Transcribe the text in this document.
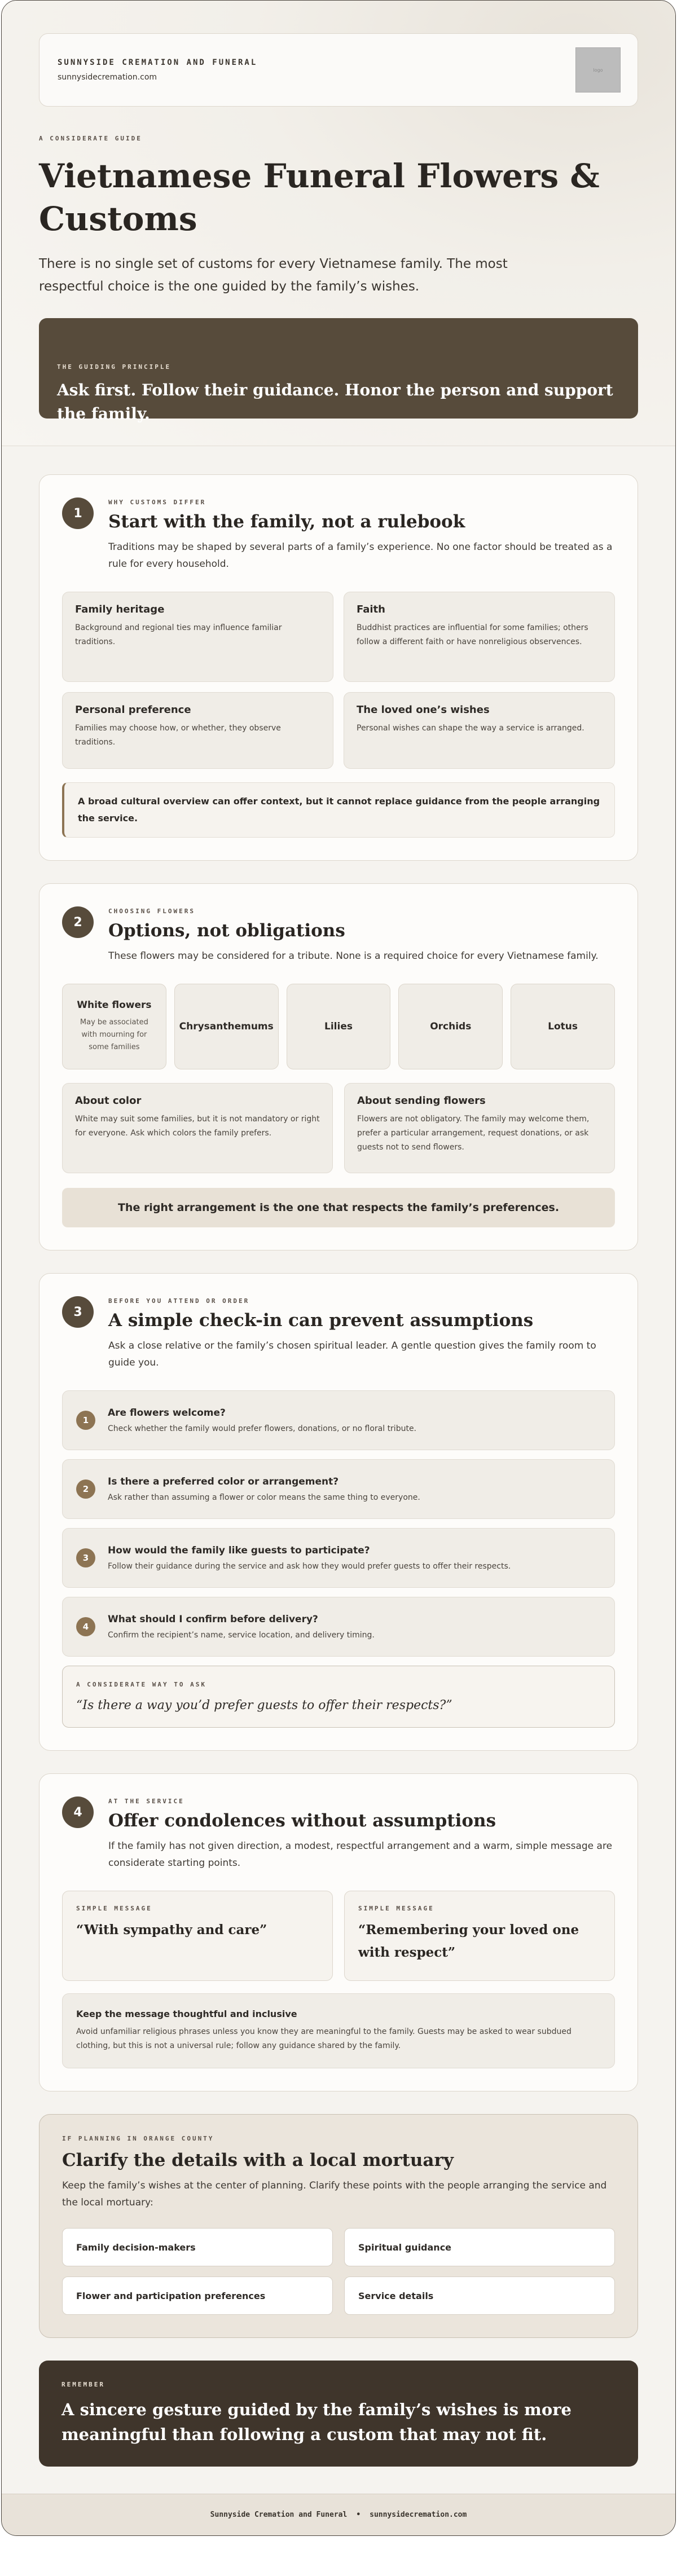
SUNNYSIDE CREMATION AND FUNERAL
sunnysidecremation.com
logo
A CONSIDERATE GUIDE
Vietnamese Funeral Flowers & Customs

There is no single set of customs for every Vietnamese family. The most respectful choice is the one guided by the family’s wishes.

THE GUIDING PRINCIPLE
Ask first. Follow their guidance. Honor the person and support the family.
1
WHY CUSTOMS DIFFER
Start with the family, not a rulebook

Traditions may be shaped by several parts of a family’s experience. No one factor should be treated as a rule for every household.

Family heritage
Background and regional ties may influence familiar traditions.
Faith
Buddhist practices are influential for some families; others follow a different faith or have nonreligious observences.
Personal preference
Families may choose how, or whether, they observe traditions.
The loved one’s wishes
Personal wishes can shape the way a service is arranged.
A broad cultural overview can offer context, but it cannot replace guidance from the people arranging the service.
2
CHOOSING FLOWERS
Options, not obligations

These flowers may be considered for a tribute. None is a required choice for every Vietnamese family.

White flowers
May be associated with mourning for some families
Chrysanthemums	Lilies	Orchids	Lotus
About color
White may suit some families, but it is not mandatory or right for everyone. Ask which colors the family prefers.
About sending flowers
Flowers are not obligatory. The family may welcome them, prefer a particular arrangement, request donations, or ask guests not to send flowers.
The right arrangement is the one that respects the family’s preferences.
3
BEFORE YOU ATTEND OR ORDER
A simple check-in can prevent assumptions

Ask a close relative or the family’s chosen spiritual leader. A gentle question gives the family room to guide you.

1
Are flowers welcome?
Check whether the family would prefer flowers, donations, or no floral tribute.
2
Is there a preferred color or arrangement?
Ask rather than assuming a flower or color means the same thing to everyone.
3
How would the family like guests to participate?
Follow their guidance during the service and ask how they would prefer guests to offer their respects.
4
What should I confirm before delivery?
Confirm the recipient’s name, service location, and delivery timing.
A CONSIDERATE WAY TO ASK
“Is there a way you’d prefer guests to offer their respects?”
4
AT THE SERVICE
Offer condolences without assumptions

If the family has not given direction, a modest, respectful arrangement and a warm, simple message are considerate starting points.

SIMPLE MESSAGE
“With sympathy and care”
SIMPLE MESSAGE
“Remembering your loved one with respect”
Keep the message thoughtful and inclusive
Avoid unfamiliar religious phrases unless you know they are meaningful to the family. Guests may be asked to wear subdued clothing, but this is not a universal rule; follow any guidance shared by the family.
IF PLANNING IN ORANGE COUNTY
Clarify the details with a local mortuary

Keep the family’s wishes at the center of planning. Clarify these points with the people arranging the service and the local mortuary:

Family decision-makers	Spiritual guidance
Flower and participation preferences	Service details
REMEMBER
A sincere gesture guided by the family’s wishes is more meaningful than following a custom that may not fit.
Sunnyside Cremation and Funeral • sunnysidecremation.com
